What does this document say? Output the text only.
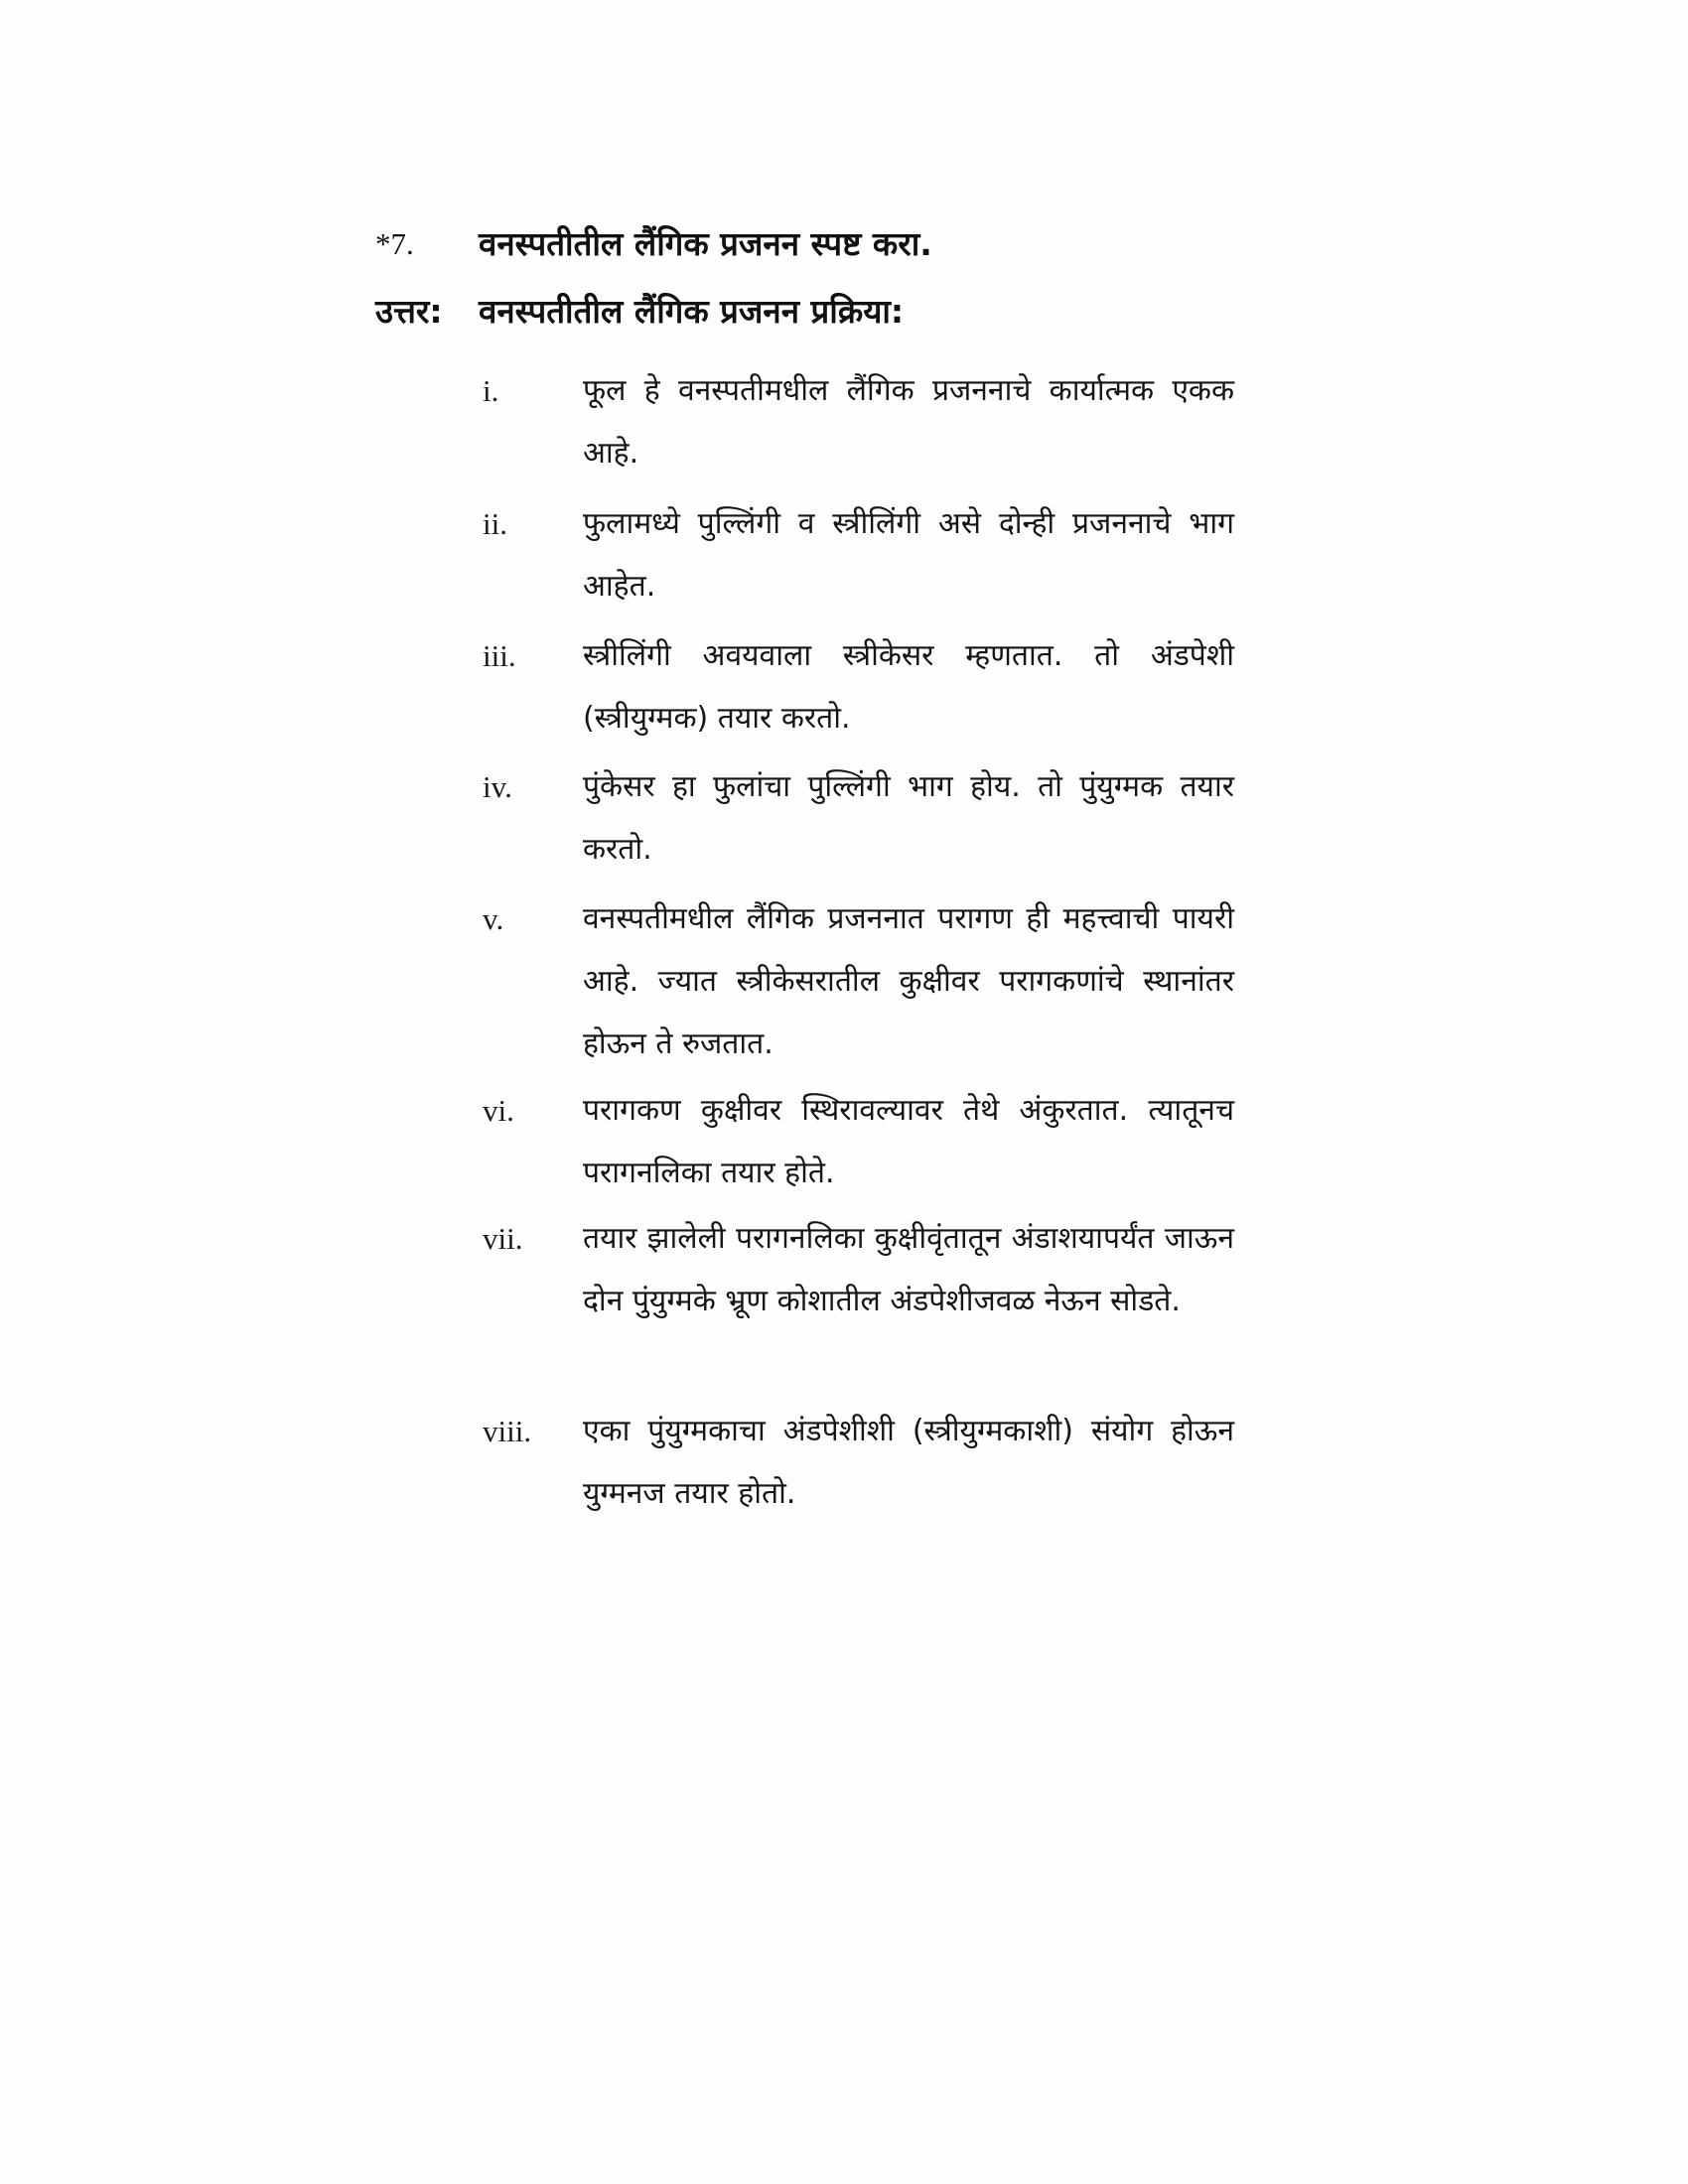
*7. वनस्पतीतील लैंगिक प्रजनन स्पष्ट करा.
उत्तर: वनस्पतीतील लैंगिक प्रजनन प्रक्रिया:
i.	फूल हे वनस्पतीमधील लैंगिक प्रजननाचे कार्यात्मक एकक आहे.
ii.	फुलामध्ये पुल्लिंगी व स्त्रीलिंगी असे दोन्ही प्रजननाचे भाग आहेत.
iii. स्त्रीलिंगी अवयवाला स्त्रीकेसर म्हणतात. तो अंडपेशी (स्त्रीयुग्मक) तयार करतो.
iv. पुंकेसर हा फुलांचा पुल्लिंगी भाग होय. तो पुंयुग्मक तयार करतो.
v.	वनस्पतीमधील लैंगिक प्रजननात परागण ही महत्त्वाची पायरी आहे. ज्यात स्त्रीकेसरातील कुक्षीवर परागकणांचे स्थानांतर होऊन ते रुजतात.
vi. परागकण कुक्षीवर स्थिरावल्यावर तेथे अंकुरतात. त्यातूनच परागनलिका तयार होते.
vii. तयार झालेली परागनलिका कुक्षीवृंतातून अंडाशयापर्यंत जाऊन दोन पुंयुग्मके भ्रूण कोशातील अंडपेशीजवळ नेऊन सोडते.
viii. एका पुंयुग्मकाचा अंडपेशीशी (स्त्रीयुग्मकाशी) संयोग होऊन युग्मनज तयार होतो.
